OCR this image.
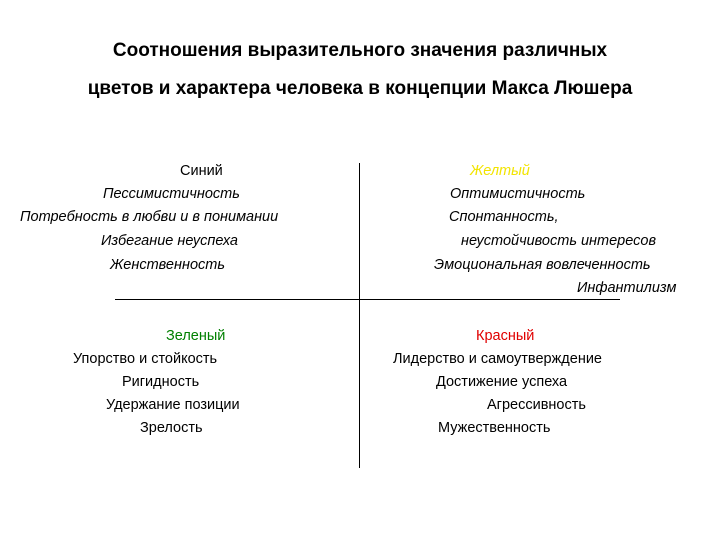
Соотношения выразительного значения различных
цветов и характера человека в концепции Макса Люшера
Синий
Пессимистичность
Потребность в любви и в понимании
Избегание неуспеха
Женственность
Желтый
Оптимистичность
Спонтанность,
неустойчивость интересов
Эмоциональная вовлеченность
Инфантилизм
Зеленый
Упорство и стойкость
Ригидность
Удержание позиции
Зрелость
Красный
Лидерство и самоутверждение
Достижение успеха
Агрессивность
Мужественность
